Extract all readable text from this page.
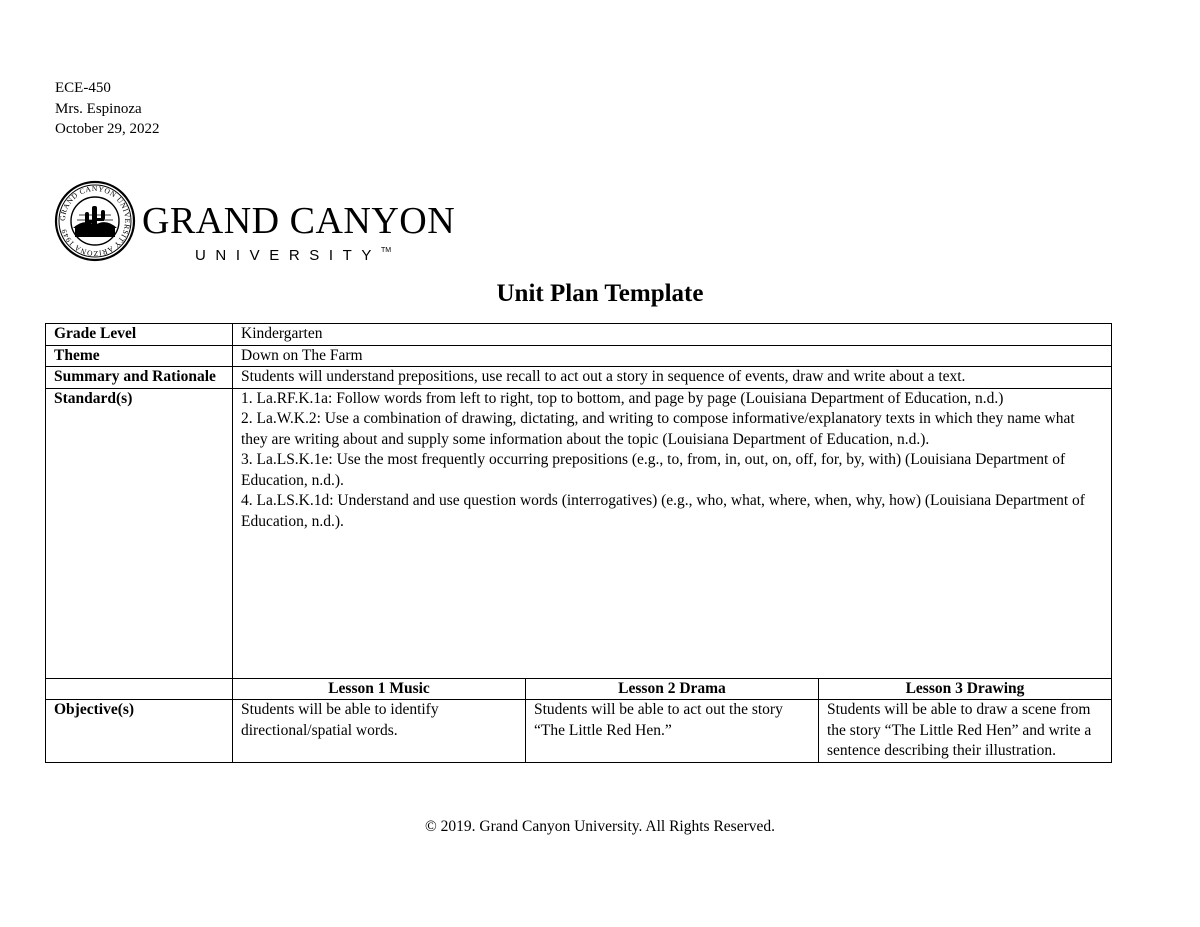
ECE-450
Mrs. Espinoza
October 29, 2022
GRAND CANYON UNIVERSITY ARIZONA 1949	GRAND CANYON
UNIVERSITY™
Unit Plan Template
Grade Level	Kindergarten		
Theme	Down on The Farm		
Summary and Rationale	Students will understand prepositions, use recall to act out a story in sequence of events, draw and write about a text.		
Standard(s)	1. La.RF.K.1a: Follow words from left to right, top to bottom, and page by page (Louisiana Department of Education, n.d.)
2. La.W.K.2: Use a combination of drawing, dictating, and writing to compose informative/explanatory texts in which they name what they are writing about and supply some information about the topic (Louisiana Department of Education, n.d.).
3. La.LS.K.1e: Use the most frequently occurring prepositions (e.g., to, from, in, out, on, off, for, by, with) (Louisiana Department of Education, n.d.).
4. La.LS.K.1d: Understand and use question words (interrogatives) (e.g., who, what, where, when, why, how) (Louisiana Department of Education, n.d.).		

	Lesson 1 Music	Lesson 2 Drama	Lesson 3 Drawing
Objective(s)	Students will be able to identify directional/spatial words.	Students will be able to act out the story “The Little Red Hen.”	Students will be able to draw a scene from the story “The Little Red Hen” and write a sentence describing their illustration.
© 2019. Grand Canyon University. All Rights Reserved.
